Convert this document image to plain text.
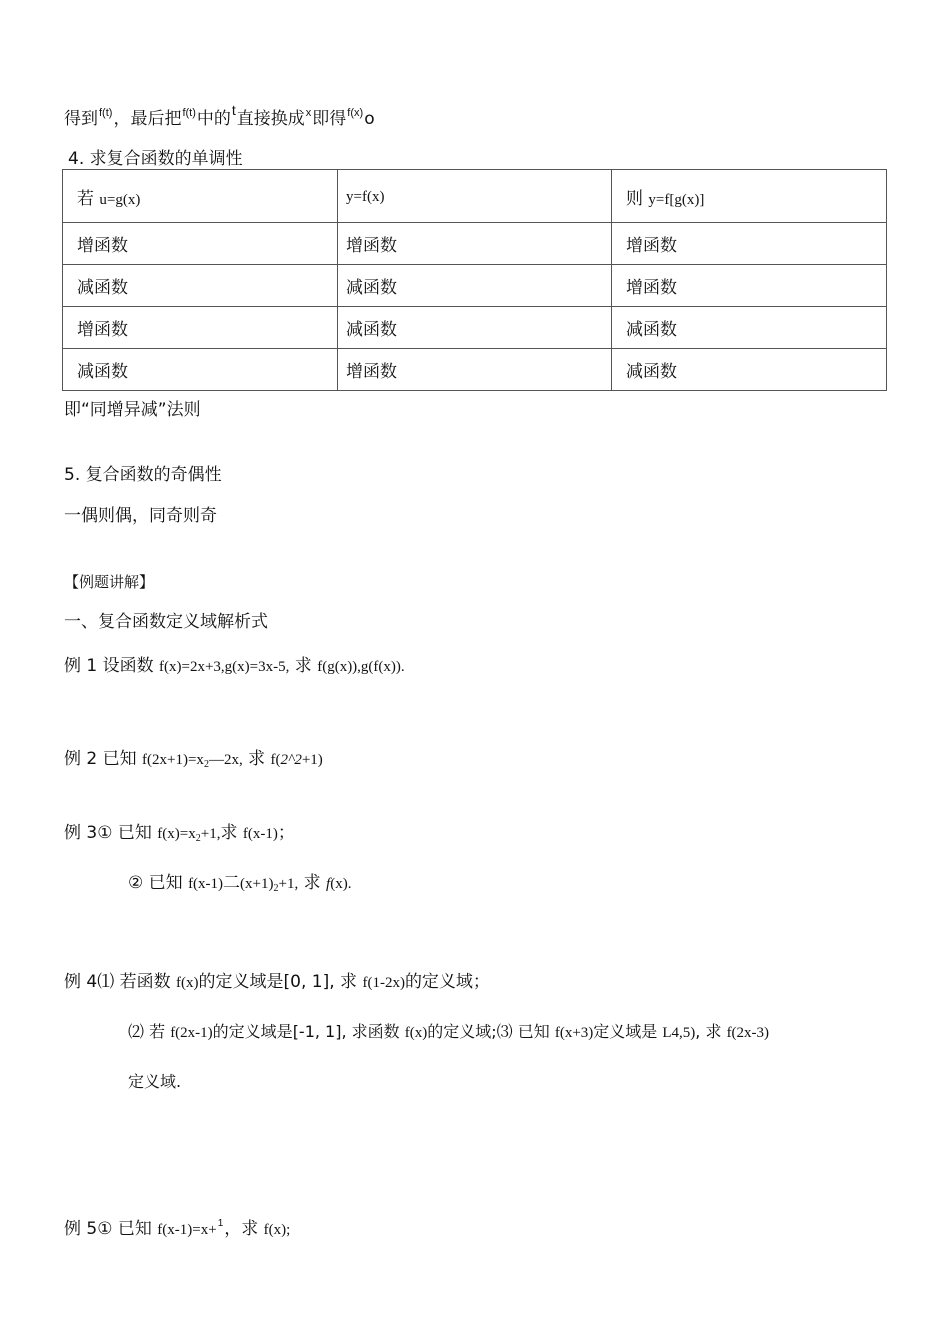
得到$^{f(t)}$，最后把$^{f(t)}$中的$^t$直接换成$^x$即得$^{f(x)}$o
4. 求复合函数的单调性
若 u=g(x)	y=f(x)	则 y=f[g(x)]
增函数	增函数	增函数
减函数	减函数	增函数
增函数	减函数	减函数
减函数	增函数	减函数
即“同增异减”法则
5. 复合函数的奇偶性
一偶则偶，同奇则奇
【例题讲解】
一、复合函数定义域解析式
例 1 设函数 f(x)=2x+3,g(x)=3x-5, 求 f(g(x)),g(f(x)).
例 2 已知 f(2x+1)=x2—2x, 求 f(2^2+1)
例 3① 已知 f(x)=x2+1,求 f(x-1)；
② 已知 f(x-1)二(x+1)2+1, 求 f(x).
例 4⑴ 若函数 f(x)的定义域是[0, 1], 求 f(1-2x)的定义域；
⑵ 若 f(2x-1)的定义域是[-1, 1], 求函数 f(x)的定义域;⑶ 已知 f(x+3)定义域是 L4,5), 求 f(2x-3)
定义域.
例 5① 已知 f(x-1)=x+$^1$，求 f(x);
